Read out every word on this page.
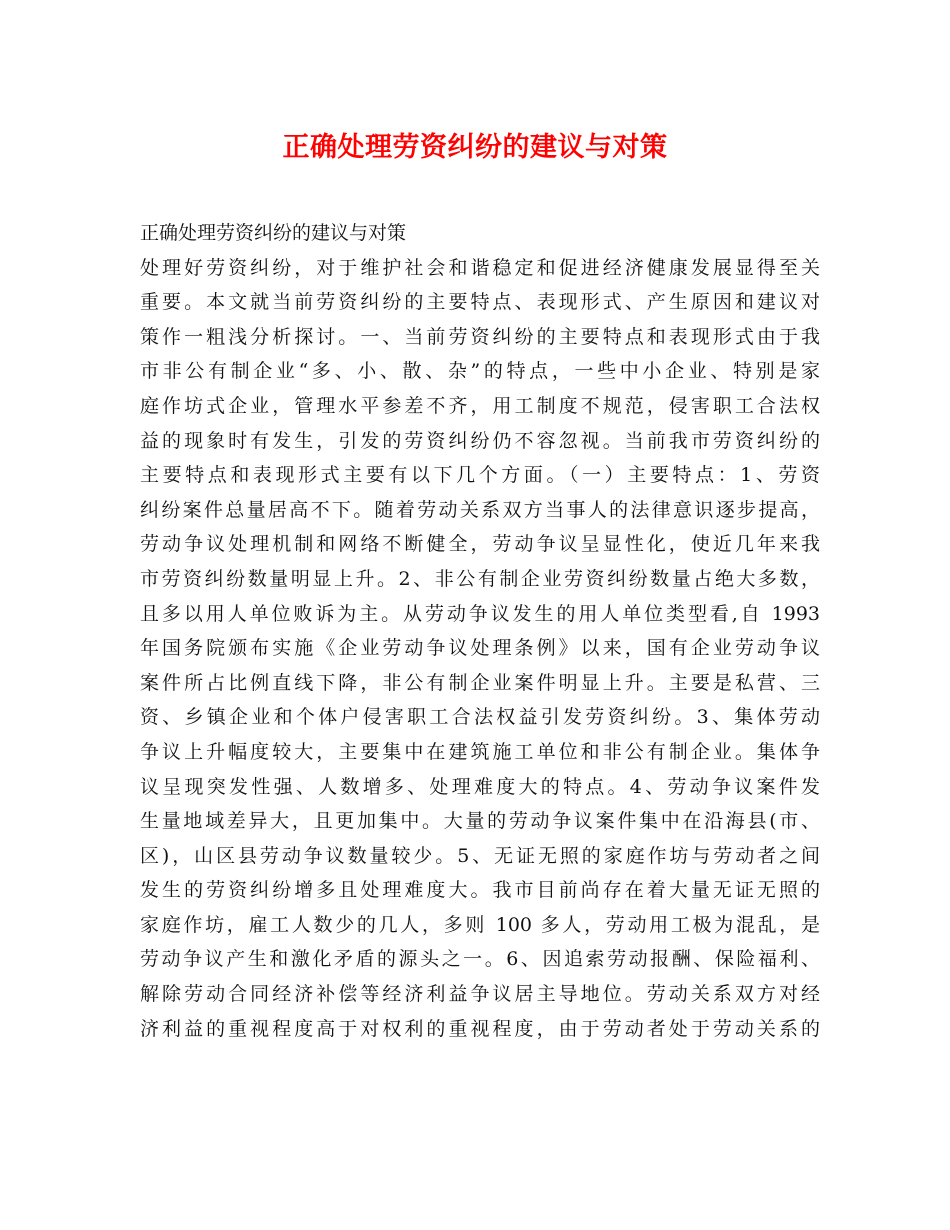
正确处理劳资纠纷的建议与对策

正确处理劳资纠纷的建议与对策

处理好劳资纠纷，对于维护社会和谐稳定和促进经济健康发展显得至关

重要。本文就当前劳资纠纷的主要特点、表现形式、产生原因和建议对

策作一粗浅分析探讨。一、当前劳资纠纷的主要特点和表现形式由于我

市非公有制企业“多、小、散、杂”的特点，一些中小企业、特别是家

庭作坊式企业，管理水平参差不齐，用工制度不规范，侵害职工合法权

益的现象时有发生，引发的劳资纠纷仍不容忽视。当前我市劳资纠纷的

主要特点和表现形式主要有以下几个方面。（一）主要特点：1、劳资

纠纷案件总量居高不下。随着劳动关系双方当事人的法律意识逐步提高，

劳动争议处理机制和网络不断健全，劳动争议呈显性化，使近几年来我

市劳资纠纷数量明显上升。2、非公有制企业劳资纠纷数量占绝大多数，

且多以用人单位败诉为主。从劳动争议发生的用人单位类型看,自 1993

年国务院颁布实施《企业劳动争议处理条例》以来，国有企业劳动争议

案件所占比例直线下降，非公有制企业案件明显上升。主要是私营、三

资、乡镇企业和个体户侵害职工合法权益引发劳资纠纷。3、集体劳动

争议上升幅度较大，主要集中在建筑施工单位和非公有制企业。集体争

议呈现突发性强、人数增多、处理难度大的特点。4、劳动争议案件发

生量地域差异大，且更加集中。大量的劳动争议案件集中在沿海县(市、

区)，山区县劳动争议数量较少。5、无证无照的家庭作坊与劳动者之间

发生的劳资纠纷增多且处理难度大。我市目前尚存在着大量无证无照的

家庭作坊，雇工人数少的几人，多则 100 多人，劳动用工极为混乱，是

劳动争议产生和激化矛盾的源头之一。6、因追索劳动报酬、保险福利、

解除劳动合同经济补偿等经济利益争议居主导地位。劳动关系双方对经

济利益的重视程度高于对权利的重视程度，由于劳动者处于劳动关系的
